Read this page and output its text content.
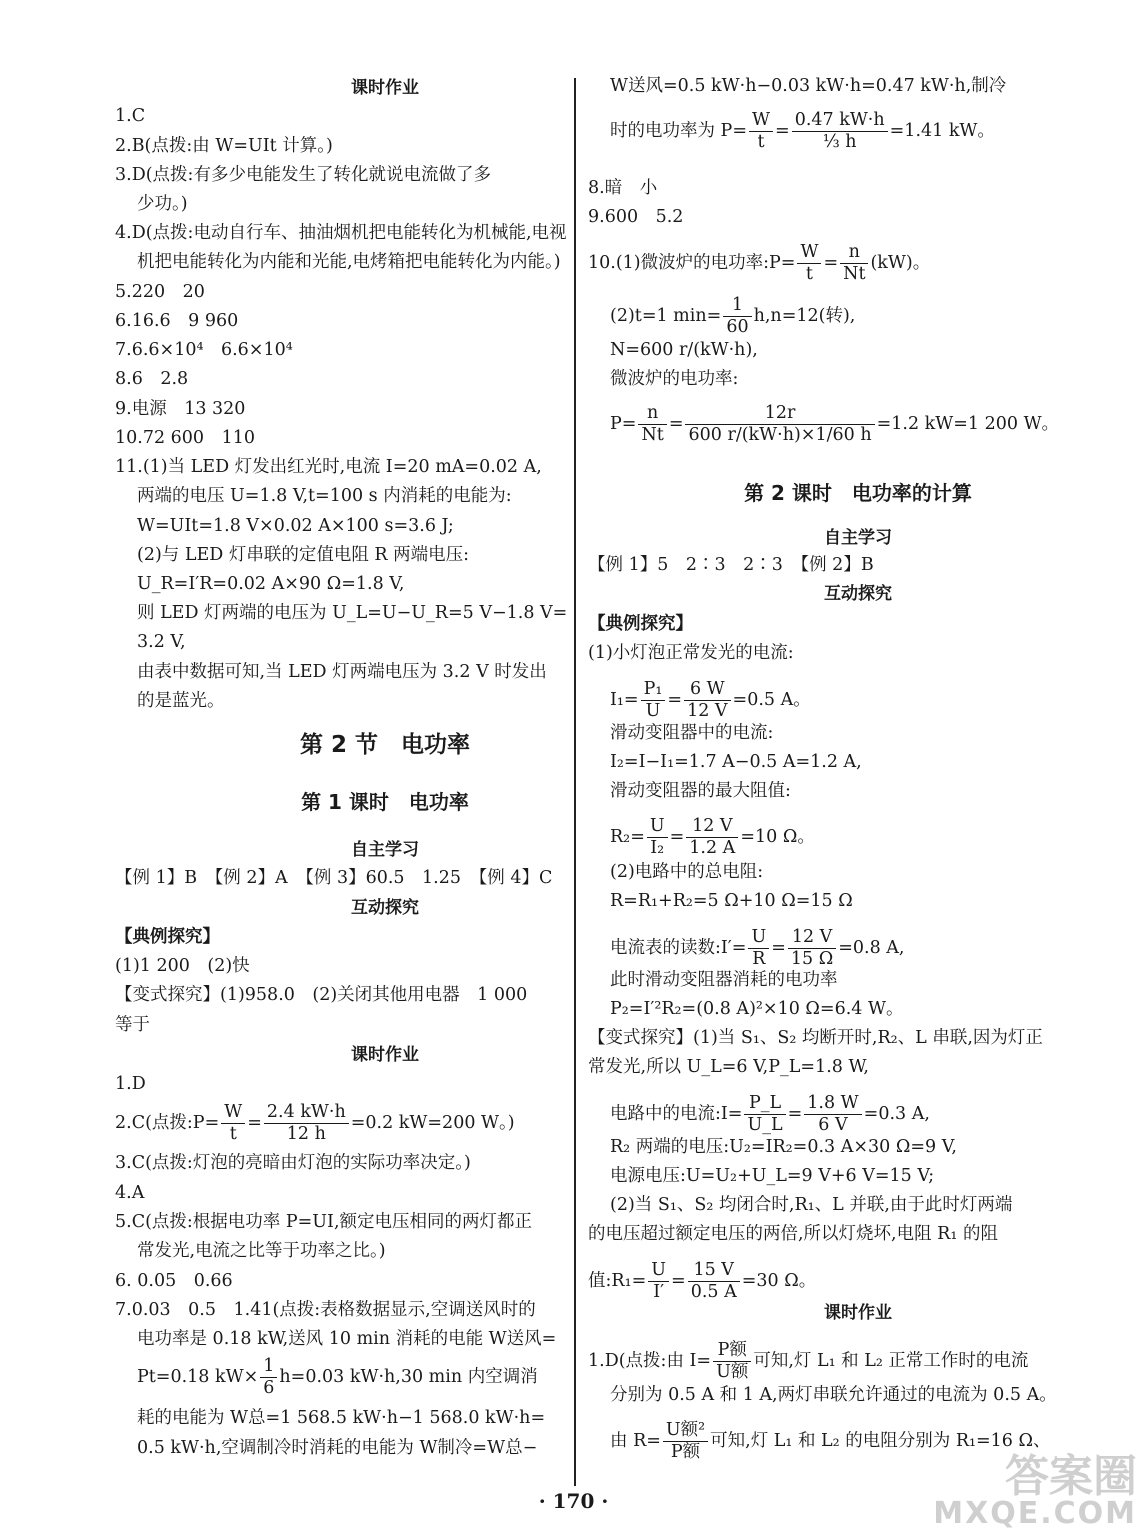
课时作业
1.C
2.B(点拨:由 W=UIt 计算。)
3.D(点拨:有多少电能发生了转化就说电流做了多
少功。)
4.D(点拨:电动自行车、抽油烟机把电能转化为机械能,电视
机把电能转化为内能和光能,电烤箱把电能转化为内能。)
5.220　20
6.16.6　9 960
7.6.6×10⁴　6.6×10⁴
8.6　2.8
9.电源　13 320
10.72 600　110
11.(1)当 LED 灯发出红光时,电流 I=20 mA=0.02 A,
两端的电压 U=1.8 V,t=100 s 内消耗的电能为:
W=UIt=1.8 V×0.02 A×100 s=3.6 J;
(2)与 LED 灯串联的定值电阻 R 两端电压:
U_R=I′R=0.02 A×90 Ω=1.8 V,
则 LED 灯两端的电压为 U_L=U−U_R=5 V−1.8 V=
3.2 V,
由表中数据可知,当 LED 灯两端电压为 3.2 V 时发出
的是蓝光。
第 2 节　电功率
第 1 课时　电功率
自主学习
【例 1】B　【例 2】A　【例 3】60.5　1.25　【例 4】C
互动探究
【典例探究】
(1)1 200　(2)快
【变式探究】(1)958.0　(2)关闭其他用电器　1 000
等于
课时作业
1.D
2.C(点拨:P= $\frac{W}{t} = \frac{2.4 kW\cdot h}{12 h} =0.2$ kW=200 W。)
3.C(点拨:灯泡的亮暗由灯泡的实际功率决定。)
4.A
5.C(点拨:根据电功率 P=UI,额定电压相同的两灯都正
常发光,电流之比等于功率之比。)
6. 0.05　0.66
7.0.03　0.5　1.41(点拨:表格数据显示,空调送风时的
电功率是 0.18 kW,送风 10 min 消耗的电能 W送风=
Pt=0.18 $kW\times \frac{1}{6} h=0.03$ kW·h,30 min 内空调消
耗的电能为 W总=1 568.5 kW·h−1 568.0 kW·h=
0.5 kW·h,空调制冷时消耗的电能为 W制冷=W总−
W送风=0.5 kW·h−0.03 kW·h=0.47 kW·h,制冷
时的电功率为 $P= \frac{W}{t} = \frac{0.47 kW\cdot h}{\text{⅓ h}} =1.41$ kW。
8.暗　小
9.600　5.2
10.(1)微波炉的电功率:P= $\frac{W}{t} = \frac{n}{Nt} (kW)$。
(2)t=1 $\min= \frac{1}{60} h,n=12$(转),
N=600 r/(kW·h),
微波炉的电功率:
$P= \frac{n}{Nt} = \frac{12r}{600 r/(kW\cdot h)\times 1/60 h} =1.2$ kW=1 200 W。
第 2 课时　电功率的计算
自主学习
【例 1】5　2∶3　2∶3　【例 2】B
互动探究
【典例探究】
(1)小灯泡正常发光的电流:
$I_1= \frac{\text{P₁}}{U} = \frac{6 W}{12 V} =0.5$ A。
滑动变阻器中的电流:
I₂=I−I₁=1.7 A−0.5 A=1.2 A,
滑动变阻器的最大阻值:
$R_2= \frac{U}{\text{I₂}} = \frac{12 V}{1.2 A} =10$ Ω。
(2)电路中的总电阻:
R=R₁+R₂=5 Ω+10 Ω=15 Ω
电流表的读数:I′= $\frac{U}{R} = \frac{12 V}{15 \Omega} =0.8$ A,
此时滑动变阻器消耗的电功率
P₂=I′²R₂=(0.8 A)²×10 Ω=6.4 W。
【变式探究】(1)当 S₁、S₂ 均断开时,R₂、L 串联,因为灯正
常发光,所以 U_L=6 V,P_L=1.8 W,
电路中的电流:I= $\frac{P\_L}{U\_L} = \frac{1.8 W}{6 V} =0.3$ A,
R₂ 两端的电压:U₂=IR₂=0.3 A×30 Ω=9 V,
电源电压:U=U₂+U_L=9 V+6 V=15 V;
(2)当 S₁、S₂ 均闭合时,R₁、L 并联,由于此时灯两端
的电压超过额定电压的两倍,所以灯烧坏,电阻 R₁ 的阻
值:R₁= $\frac{U}{I'} = \frac{15 V}{0.5 A} =30$ Ω。
课时作业
1.D(点拨:由 $I= \frac{\text{P额}}{\text{U额}}$ 可知,灯 L₁ 和 L₂ 正常工作时的电流
分别为 0.5 A 和 1 A,两灯串联允许通过的电流为 0.5 A。
由 $R= \frac{\text{U额²}}{\text{P额}}$ 可知,灯 L₁ 和 L₂ 的电阻分别为 R₁=16 Ω、
· 170 ·	答案圈
MXQE.COM
